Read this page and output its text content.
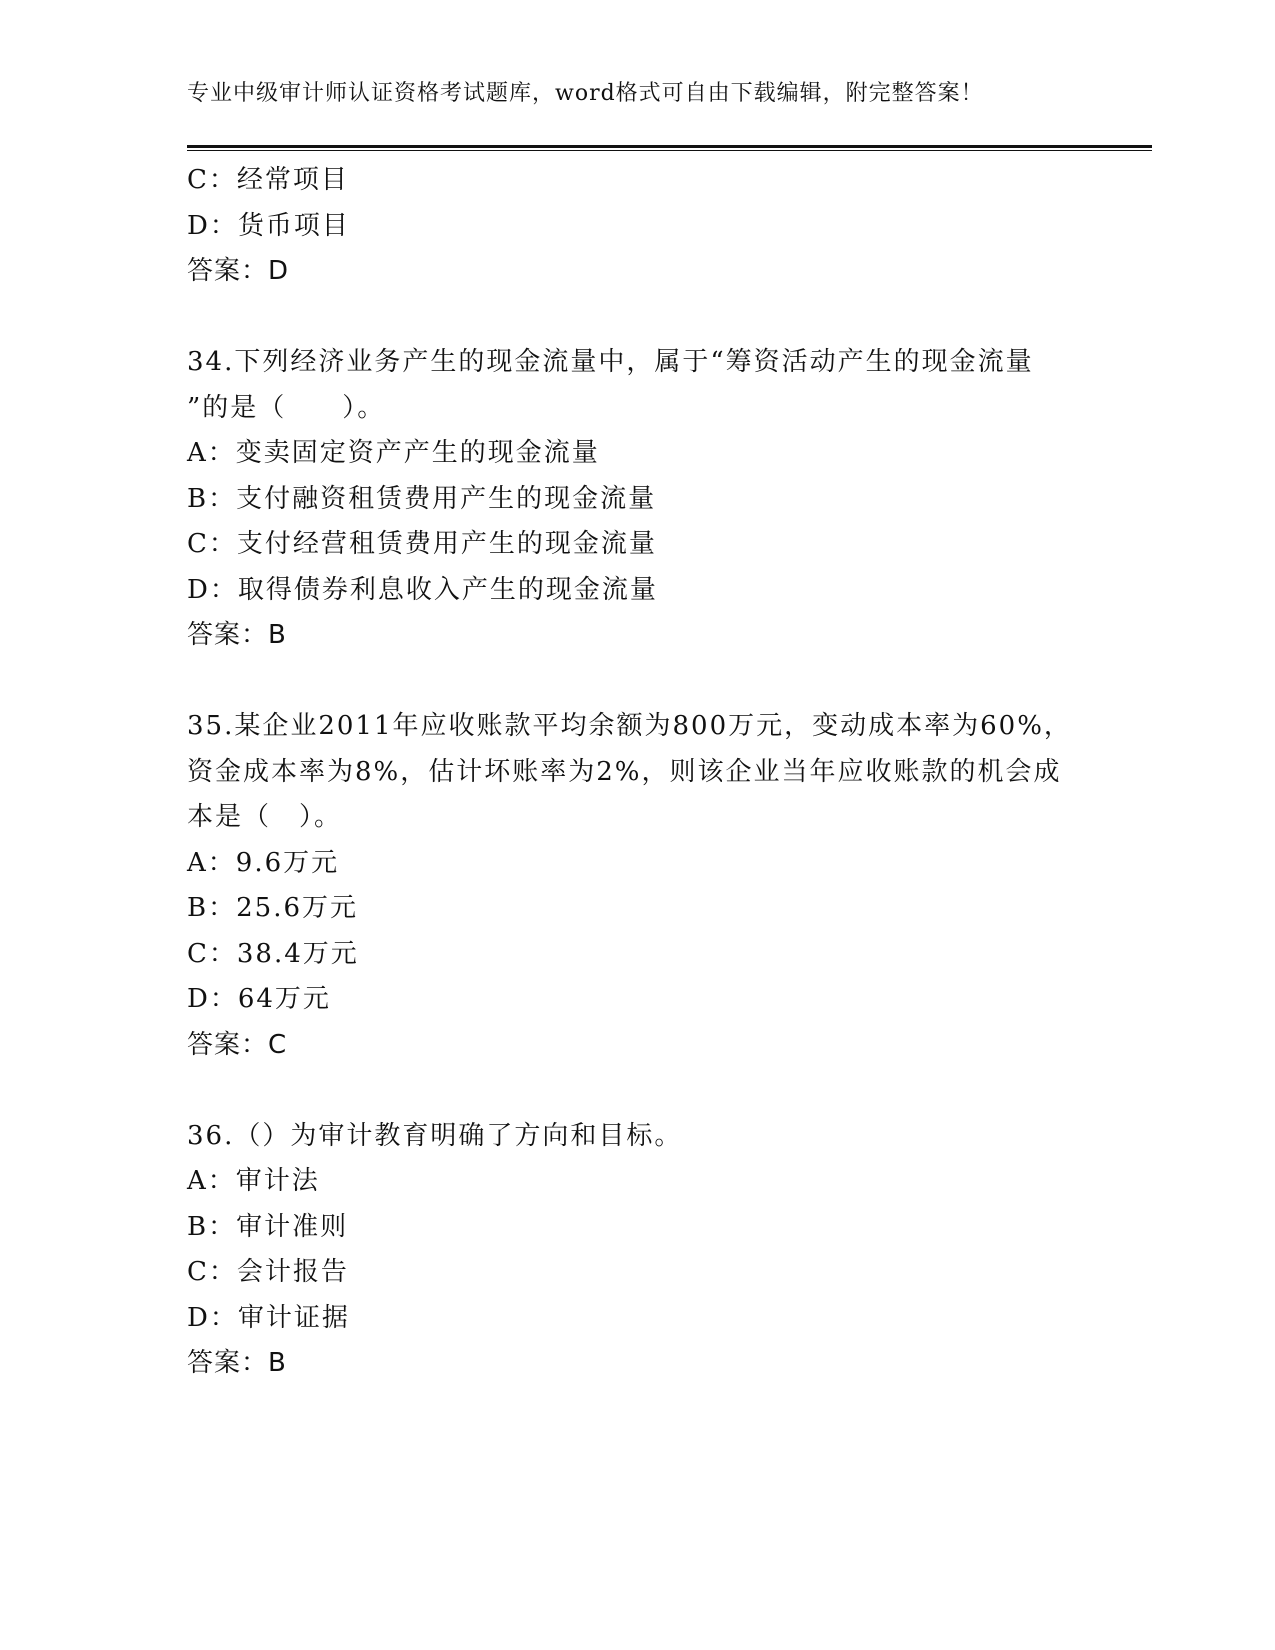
专业中级审计师认证资格考试题库，word格式可自由下载编辑，附完整答案！
C：经常项目
D：货币项目
答案：D
34.下列经济业务产生的现金流量中，属于“筹资活动产生的现金流量
”的是（　　）。
A：变卖固定资产产生的现金流量
B：支付融资租赁费用产生的现金流量
C：支付经营租赁费用产生的现金流量
D：取得债券利息收入产生的现金流量
答案：B
35.某企业2011年应收账款平均余额为800万元，变动成本率为60%，
资金成本率为8%，估计坏账率为2%，则该企业当年应收账款的机会成
本是（　）。
A：9.6万元
B：25.6万元
C：38.4万元
D：64万元
答案：C
36.（）为审计教育明确了方向和目标。
A：审计法
B：审计准则
C：会计报告
D：审计证据
答案：B
